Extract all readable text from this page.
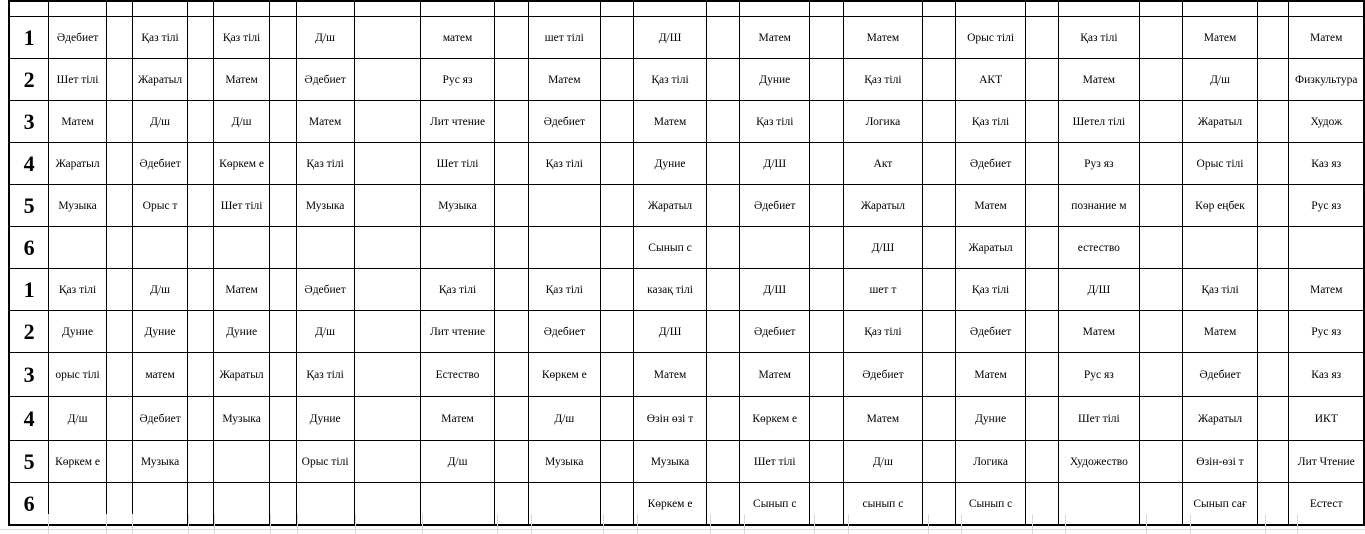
1	Әдебиет		Қаз тілі		Қаз тілі		Д/ш		матем		шет тілі		Д/Ш		Матем		Матем		Орыс тілі		Қаз тілі		Матем		Матем
2	Шет тілі		Жаратыл		Матем		Әдебиет		Рус яз		Матем		Қаз тілі		Дуние		Қаз тілі		АКТ		Матем		Д/ш		Физкультура
3	Матем		Д/ш		Д/ш		Матем		Лит чтение		Әдебиет		Матем		Қаз тілі		Логика		Қаз тілі		Шетел тілі		Жаратыл		Худож
4	Жаратыл		Әдебиет		Көркем е		Қаз тілі		Шет тілі		Қаз тілі		Дуние		Д/Ш		Акт		Әдебиет		Руз яз		Орыс тілі		Каз яз
5	Музыка		Орыс т		Шет тілі		Музыка		Музыка				Жаратыл		Әдебиет		Жаратыл		Матем		познание м		Көр еңбек		Рус яз
6													Сынып с				Д/Ш		Жаратыл		естество				
1	Қаз тілі		Д/ш		Матем		Әдебиет		Қаз тілі		Қаз тілі		казақ тілі		Д/Ш		шет т		Қаз тілі		Д/Ш		Қаз тілі		Матем
2	Дуние		Дуние		Дуние		Д/ш		Лит чтение		Әдебиет		Д/Ш		Әдебиет		Қаз тілі		Әдебиет		Матем		Матем		Рус яз
3	орыс тілі		матем		Жаратыл		Қаз тілі		Естество		Көркем е		Матем		Матем		Әдебиет		Матем		Рус яз		Әдебиет		Каз яз
4	Д/ш		Әдебиет		Музыка		Дуние		Матем		Д/ш		Өзін өзі т		Көркем е		Матем		Дуние		Шет тілі		Жаратыл		ИКТ
5	Көркем е		Музыка				Орыс тілі		Д/ш		Музыка		Музыка		Шет тілі		Д/ш		Логика		Художество		Өзін-өзі т		Лит Чтение
6													Көркем е		Сынып с		сынып с		Сынып с				Сынып сағ		Естест
